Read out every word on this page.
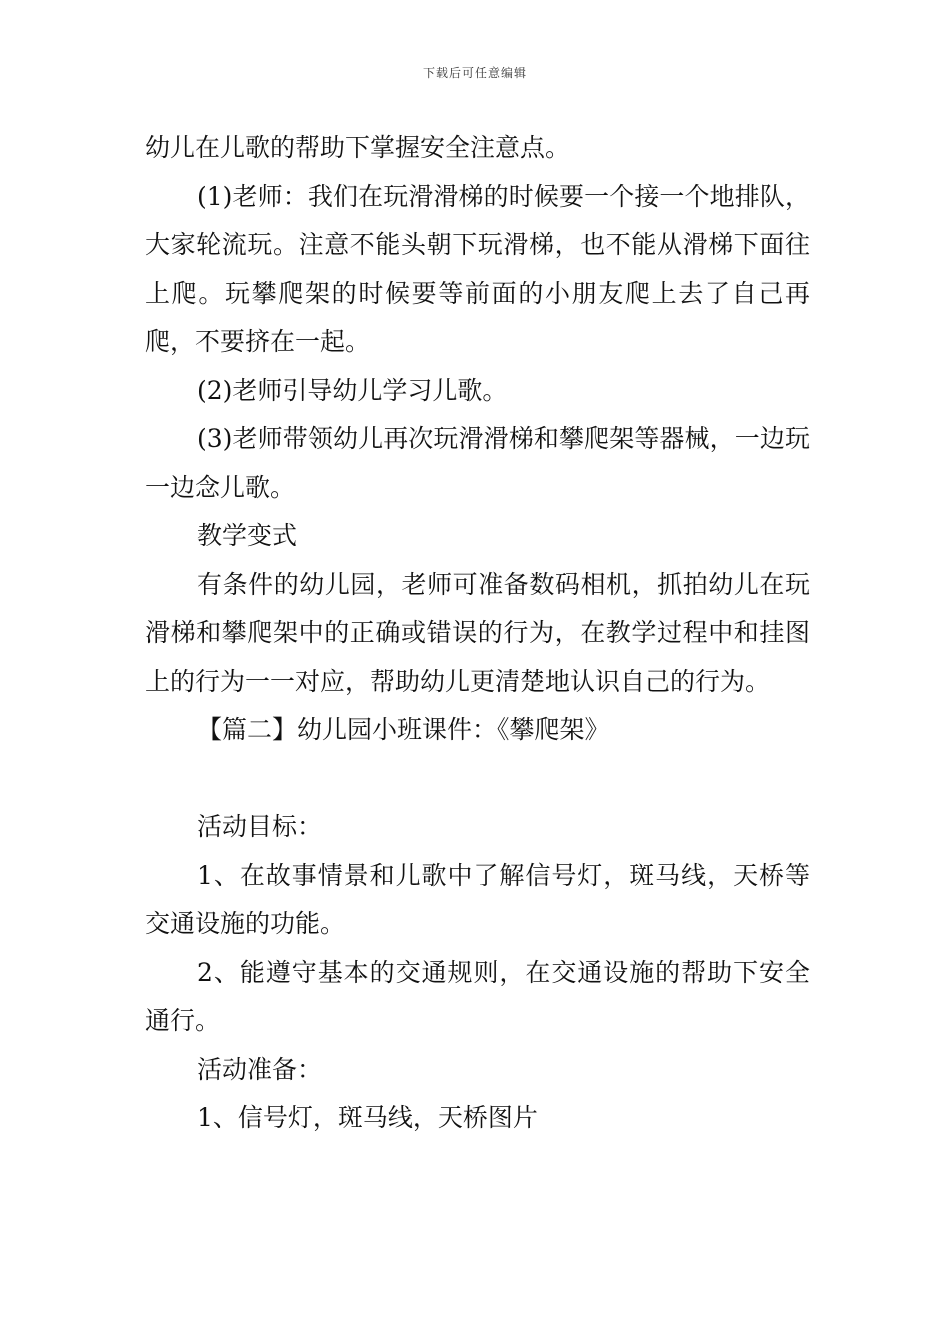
下载后可任意编辑

幼儿在儿歌的帮助下掌握安全注意点。

(1)老师：我们在玩滑滑梯的时候要一个接一个地排队，大家轮流玩。注意不能头朝下玩滑梯，也不能从滑梯下面往上爬。玩攀爬架的时候要等前面的小朋友爬上去了自己再爬，不要挤在一起。

(2)老师引导幼儿学习儿歌。

(3)老师带领幼儿再次玩滑滑梯和攀爬架等器械，一边玩一边念儿歌。

教学变式

有条件的幼儿园，老师可准备数码相机，抓拍幼儿在玩滑梯和攀爬架中的正确或错误的行为，在教学过程中和挂图上的行为一一对应，帮助幼儿更清楚地认识自己的行为。

【篇二】幼儿园小班课件：《攀爬架》

活动目标：

1、在故事情景和儿歌中了解信号灯，斑马线，天桥等交通设施的功能。

2、能遵守基本的交通规则，在交通设施的帮助下安全通行。

活动准备：

1、信号灯，斑马线，天桥图片
